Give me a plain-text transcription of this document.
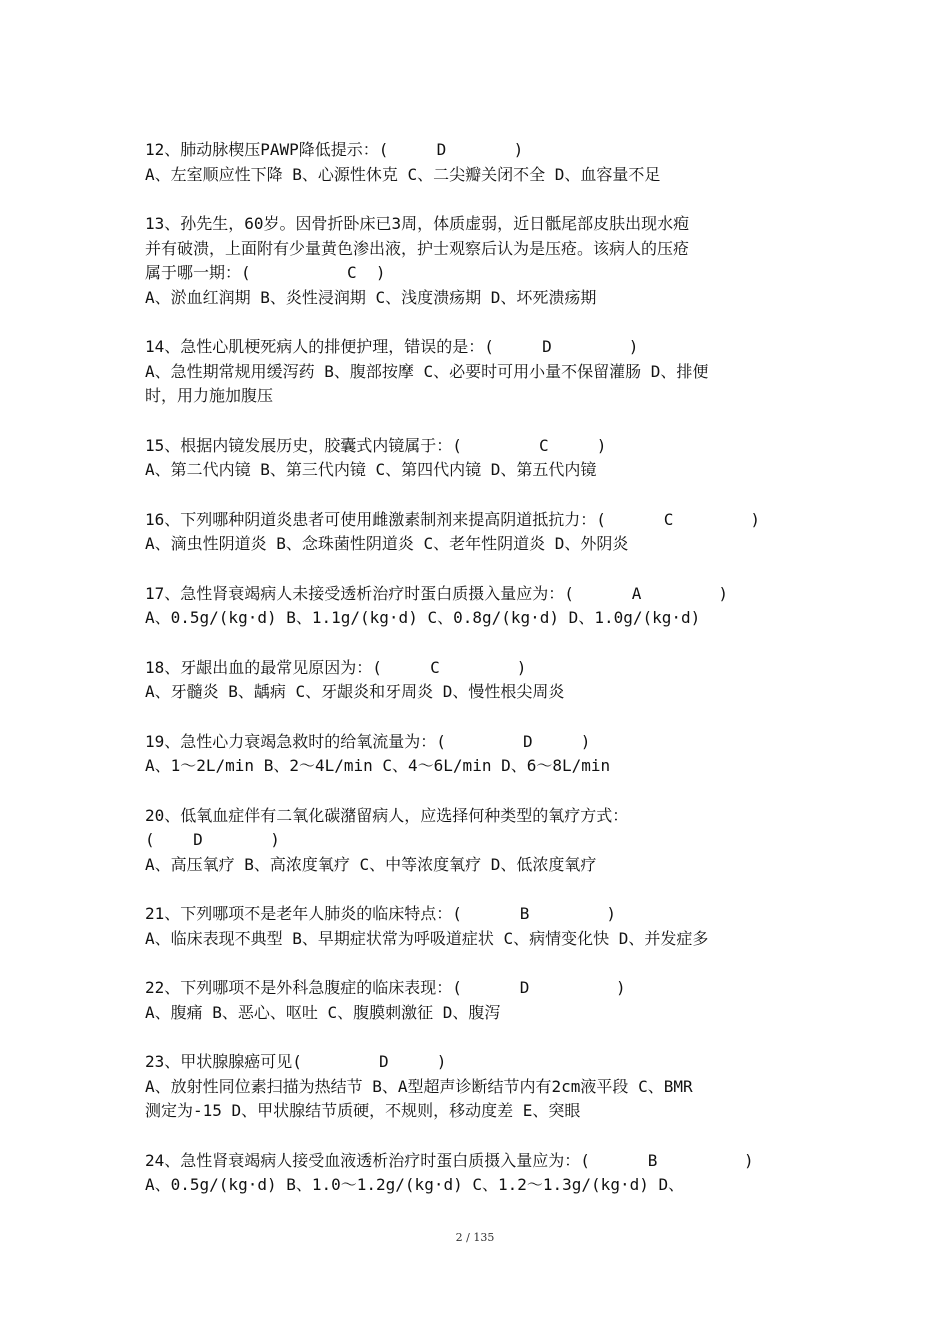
12、肺动脉楔压PAWP降低提示：(     D       )
A、左室顺应性下降 B、心源性休克 C、二尖瓣关闭不全 D、血容量不足
13、孙先生，60岁。因骨折卧床已3周，体质虚弱，近日骶尾部皮肤出现水疱
并有破溃，上面附有少量黄色渗出液，护士观察后认为是压疮。该病人的压疮
属于哪一期：(          C  )
A、淤血红润期 B、炎性浸润期 C、浅度溃疡期 D、坏死溃疡期
14、急性心肌梗死病人的排便护理，错误的是：(     D        )
A、急性期常规用缓泻药 B、腹部按摩 C、必要时可用小量不保留灌肠 D、排便
时，用力施加腹压
15、根据内镜发展历史，胶囊式内镜属于：(        C     )
A、第二代内镜 B、第三代内镜 C、第四代内镜 D、第五代内镜
16、下列哪种阴道炎患者可使用雌激素制剂来提高阴道抵抗力：(      C        )
A、滴虫性阴道炎 B、念珠菌性阴道炎 C、老年性阴道炎 D、外阴炎
17、急性肾衰竭病人未接受透析治疗时蛋白质摄入量应为：(      A        )
A、0.5g/(kg·d) B、1.1g/(kg·d) C、0.8g/(kg·d) D、1.0g/(kg·d)
18、牙龈出血的最常见原因为：(     C        )
A、牙髓炎 B、龋病 C、牙龈炎和牙周炎 D、慢性根尖周炎
19、急性心力衰竭急救时的给氧流量为：(        D     )
A、1～2L/min B、2～4L/min C、4～6L/min D、6～8L/min
20、低氧血症伴有二氧化碳潴留病人，应选择何种类型的氧疗方式：
(    D       )
A、高压氧疗 B、高浓度氧疗 C、中等浓度氧疗 D、低浓度氧疗
21、下列哪项不是老年人肺炎的临床特点：(      B        )
A、临床表现不典型 B、早期症状常为呼吸道症状 C、病情变化快 D、并发症多
22、下列哪项不是外科急腹症的临床表现：(      D         )
A、腹痛 B、恶心、呕吐 C、腹膜刺激征 D、腹泻
23、甲状腺腺癌可见(        D     )
A、放射性同位素扫描为热结节 B、A型超声诊断结节内有2cm液平段 C、BMR
测定为-15 D、甲状腺结节质硬，不规则，移动度差 E、突眼
24、急性肾衰竭病人接受血液透析治疗时蛋白质摄入量应为：(      B         )
A、0.5g/(kg·d) B、1.0～1.2g/(kg·d) C、1.2～1.3g/(kg·d) D、
2 / 135
